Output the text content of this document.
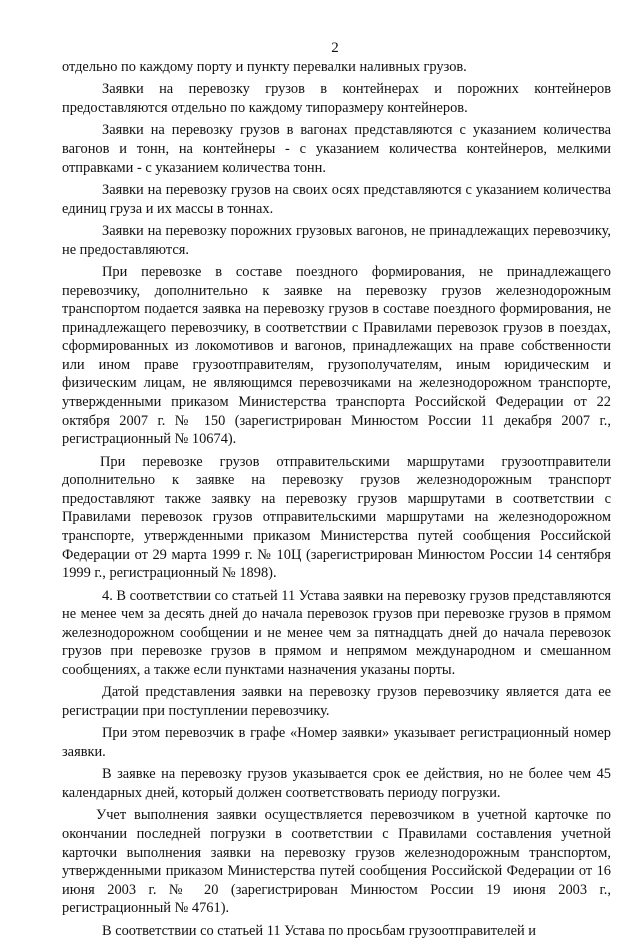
2

отдельно по каждому порту и пункту перевалки наливных грузов.

Заявки на перевозку грузов в контейнерах и порожних контейнеров предоставляются отдельно по каждому типоразмеру контейнеров.

Заявки на перевозку грузов в вагонах представляются с указанием количества вагонов и тонн, на контейнеры - с указанием количества контейнеров, мелкими отправками - с указанием количества тонн.

Заявки на перевозку грузов на своих осях представляются с указанием количества единиц груза и их массы в тоннах.

Заявки на перевозку порожних грузовых вагонов, не принадлежащих перевозчику, не предоставляются.

При перевозке в составе поездного формирования, не принадлежащего перевозчику, дополнительно к заявке на перевозку грузов железнодорожным транспортом подается заявка на перевозку грузов в составе поездного формирования, не принадлежащего перевозчику, в соответствии с Правилами перевозок грузов в поездах, сформированных из локомотивов и вагонов, принадлежащих на праве собственности или ином праве грузоотправителям, грузополучателям, иным юридическим и физическим лицам, не являющимся перевозчиками на железнодорожном транспорте, утвержденными приказом Министерства транспорта Российской Федерации от 22 октября 2007 г. № 150 (зарегистрирован Минюстом России 11 декабря 2007 г., регистрационный № 10674).

При перевозке грузов отправительскими маршрутами грузоотправители дополнительно к заявке на перевозку грузов железнодорожным транспорт предоставляют также заявку на перевозку грузов маршрутами в соответствии с Правилами перевозок грузов отправительскими маршрутами на железнодорожном транспорте, утвержденными приказом Министерства путей сообщения Российской Федерации от 29 марта 1999 г. № 10Ц (зарегистрирован Минюстом России 14 сентября 1999 г., регистрационный № 1898).

4. В соответствии со статьей 11 Устава заявки на перевозку грузов представляются не менее чем за десять дней до начала перевозок грузов при перевозке грузов в прямом железнодорожном сообщении и не менее чем за пятнадцать дней до начала перевозок грузов при перевозке грузов в прямом и непрямом международном и смешанном сообщениях, а также если пунктами назначения указаны порты.

Датой представления заявки на перевозку грузов перевозчику является дата ее регистрации при поступлении перевозчику.

При этом перевозчик в графе «Номер заявки» указывает регистрационный номер заявки.

В заявке на перевозку грузов указывается срок ее действия, но не более чем 45 календарных дней, который должен соответствовать периоду погрузки.

Учет выполнения заявки осуществляется перевозчиком в учетной карточке по окончании последней погрузки в соответствии с Правилами составления учетной карточки выполнения заявки на перевозку грузов железнодорожным транспортом, утвержденными приказом Министерства путей сообщения Российской Федерации от 16 июня 2003 г. № 20 (зарегистрирован Минюстом России 19 июня 2003 г., регистрационный № 4761).

В соответствии со статьей 11 Устава по просьбам грузоотправителей и
